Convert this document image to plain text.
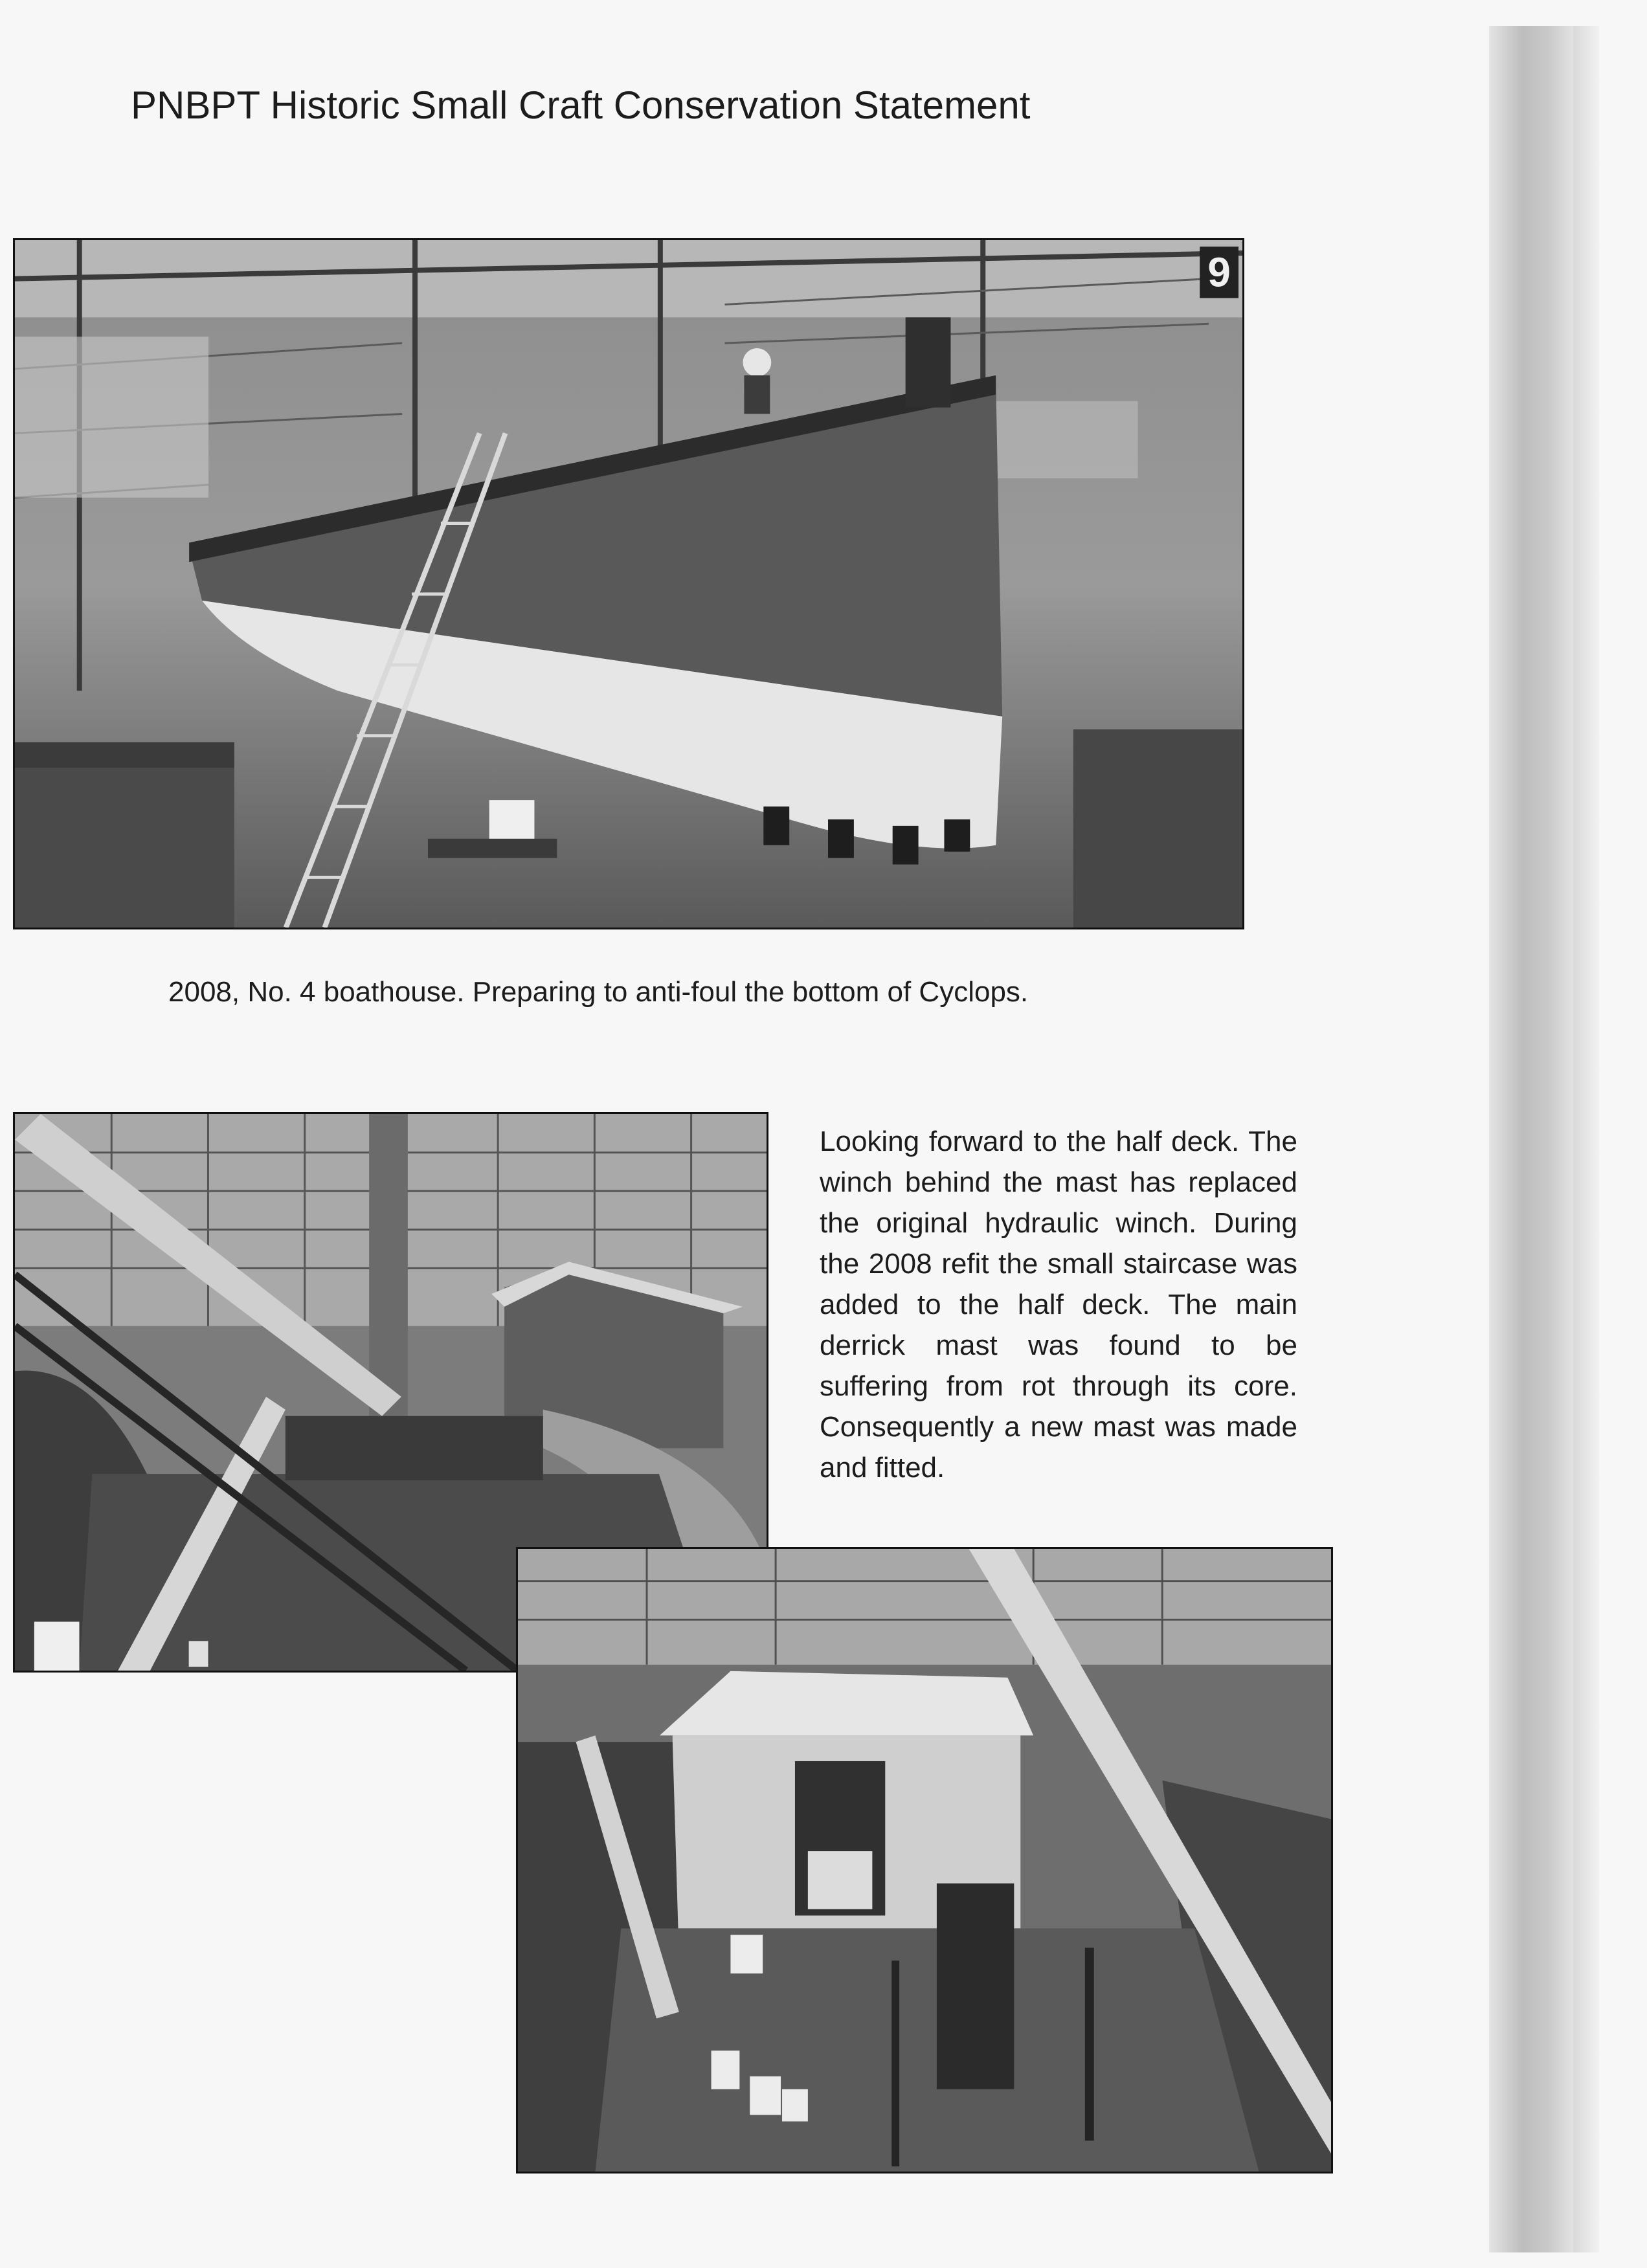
PNBPT Historic Small Craft Conservation Statement
9

2008, No. 4 boathouse. Preparing to anti-foul the bottom of Cyclops.

Looking forward to the half deck. The winch behind the mast has replaced the original hydraulic winch. During the 2008 refit the small staircase was added to the half deck. The main derrick mast was found to be suffering from rot through its core. Consequently a new mast was made and fitted.
